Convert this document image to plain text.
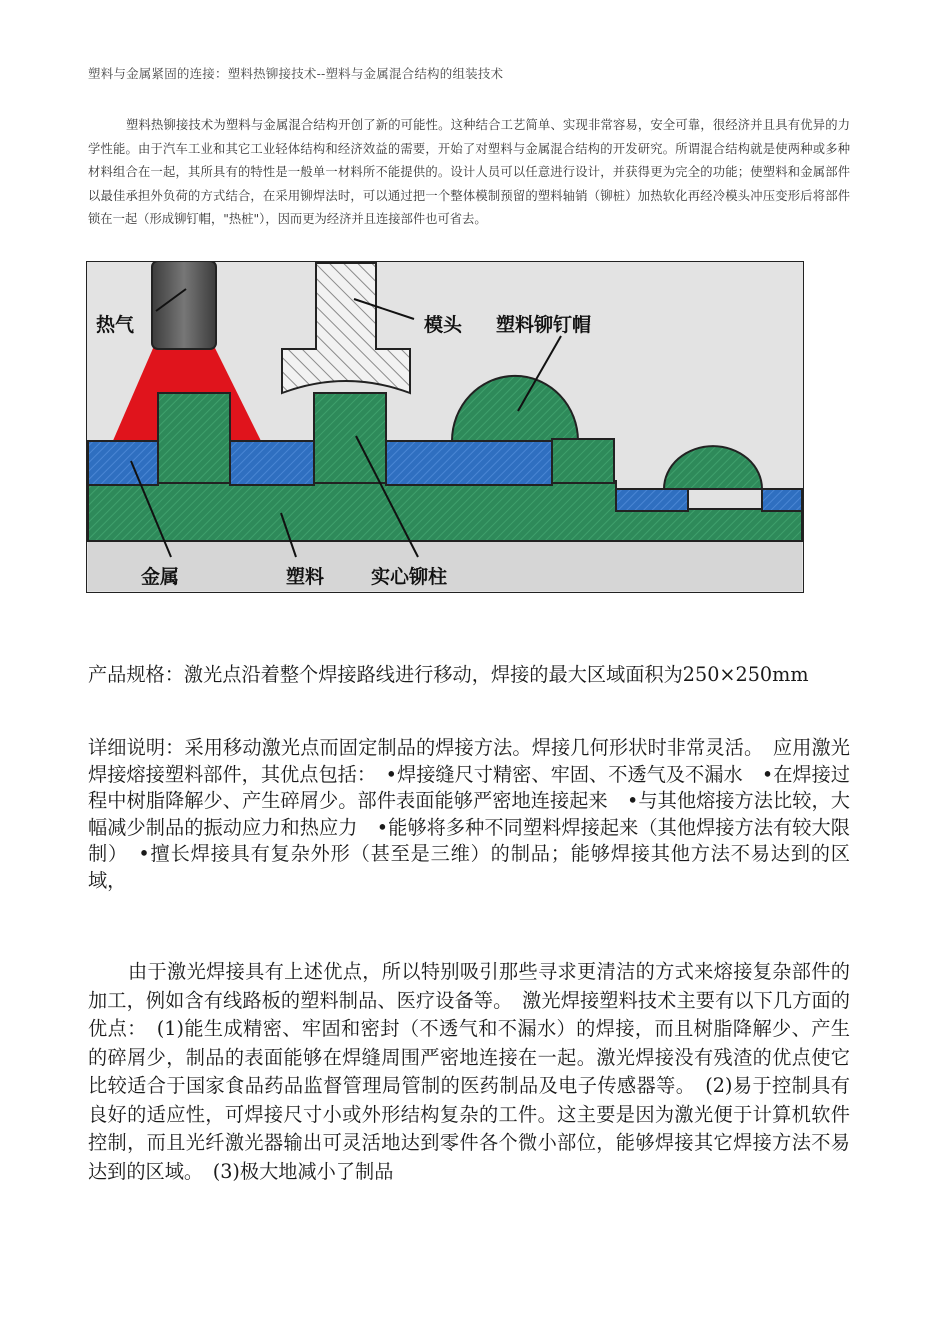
塑料与金属紧固的连接：塑料热铆接技术--塑料与金属混合结构的组装技术
塑料热铆接技术为塑料与金属混合结构开创了新的可能性。这种结合工艺简单、实现非常容易，安全可靠，很经济并且具有优异的力学性能。由于汽车工业和其它工业轻体结构和经济效益的需要，开始了对塑料与金属混合结构的开发研究。所谓混合结构就是使两种或多种材料组合在一起，其所具有的特性是一般单一材料所不能提供的。设计人员可以任意进行设计，并获得更为完全的功能；使塑料和金属部件以最佳承担外负荷的方式结合，在采用铆焊法时，可以通过把一个整体模制预留的塑料轴销（铆桩）加热软化再经冷模头冲压变形后将部件锁在一起（形成铆钉帽，"热桩"），因而更为经济并且连接部件也可省去。
热气	模头 塑料铆钉帽
金属	塑料 实心铆柱
产品规格：激光点沿着整个焊接路线进行移动，焊接的最大区域面积为250×250mm
详细说明：采用移动激光点而固定制品的焊接方法。焊接几何形状时非常灵活。　应用激光焊接熔接塑料部件，其优点包括：　•焊接缝尺寸精密、牢固、不透气及不漏水　•在焊接过程中树脂降解少、产生碎屑少。部件表面能够严密地连接起来　•与其他熔接方法比较，大幅减少制品的振动应力和热应力　•能够将多种不同塑料焊接起来（其他焊接方法有较大限制）　•擅长焊接具有复杂外形（甚至是三维）的制品；能够焊接其他方法不易达到的区域，
由于激光焊接具有上述优点，所以特别吸引那些寻求更清洁的方式来熔接复杂部件的加工，例如含有线路板的塑料制品、医疗设备等。　激光焊接塑料技术主要有以下几方面的优点：　(1)能生成精密、牢固和密封（不透气和不漏水）的焊接，而且树脂降解少、产生的碎屑少，制品的表面能够在焊缝周围严密地连接在一起。激光焊接没有残渣的优点使它比较适合于国家食品药品监督管理局管制的医药制品及电子传感器等。　(2)易于控制具有良好的适应性，可焊接尺寸小或外形结构复杂的工件。这主要是因为激光便于计算机软件控制，而且光纤激光器输出可灵活地达到零件各个微小部位，能够焊接其它焊接方法不易达到的区域。　(3)极大地减小了制品
